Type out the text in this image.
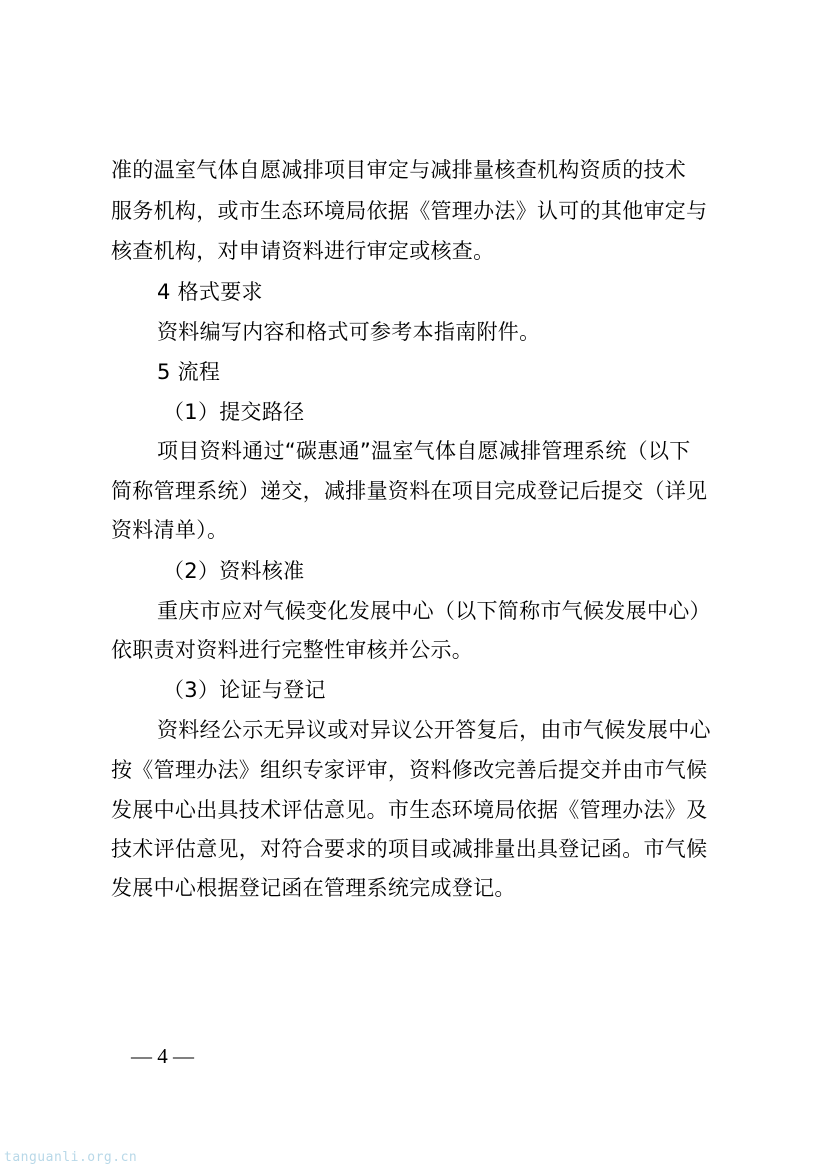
准的温室气体自愿减排项目审定与减排量核查机构资质的技术
服务机构，或市生态环境局依据《管理办法》认可的其他审定与
核查机构，对申请资料进行审定或核查。
4 格式要求
资料编写内容和格式可参考本指南附件。
5 流程
（1）提交路径
项目资料通过“碳惠通”温室气体自愿减排管理系统（以下
简称管理系统）递交，减排量资料在项目完成登记后提交（详见
资料清单）。
（2）资料核准
重庆市应对气候变化发展中心（以下简称市气候发展中心）
依职责对资料进行完整性审核并公示。
（3）论证与登记
资料经公示无异议或对异议公开答复后，由市气候发展中心
按《管理办法》组织专家评审，资料修改完善后提交并由市气候
发展中心出具技术评估意见。市生态环境局依据《管理办法》及
技术评估意见，对符合要求的项目或减排量出具登记函。市气候
发展中心根据登记函在管理系统完成登记。
— 4 —
tanguanli.org.cn
